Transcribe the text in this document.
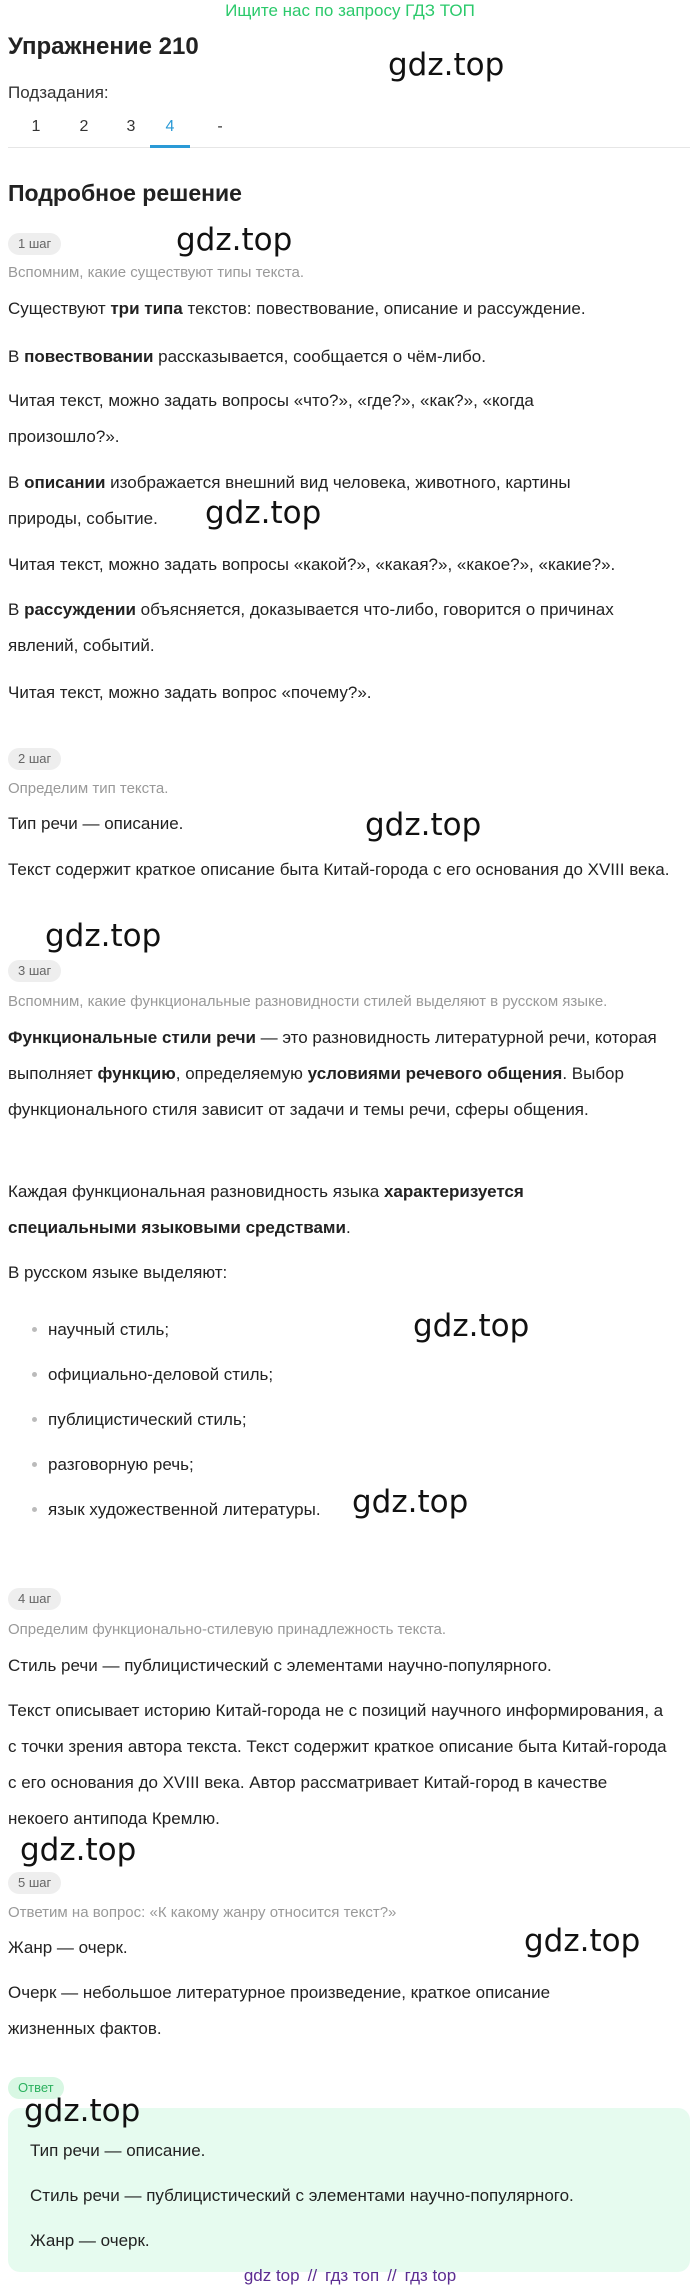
Ищите нас по запросу ГДЗ ТОП
Упражнение 210
Подзадания:
1	2	3	4	-
Подробное решение
1 шаг
Вспомним, какие существуют типы текста.
Существуют три типа текстов: повествование, описание и рассуждение.
В повествовании рассказывается, сообщается о чём-либо.
Читая текст, можно задать вопросы «что?», «где?», «как?», «когда произошло?».
В описании изображается внешний вид человека, животного, картины природы, событие.
Читая текст, можно задать вопросы «какой?», «какая?», «какое?», «какие?».
В рассуждении объясняется, доказывается что-либо, говорится о причинах явлений, событий.
Читая текст, можно задать вопрос «почему?».
2 шаг
Определим тип текста.
Тип речи — описание.
Текст содержит краткое описание быта Китай-города с его основания до XVIII века.
3 шаг
Вспомним, какие функциональные разновидности стилей выделяют в русском языке.
Функциональные стили речи — это разновидность литературной речи, которая выполняет функцию, определяемую условиями речевого общения. Выбор функционального стиля зависит от задачи и темы речи, сферы общения.
Каждая функциональная разновидность языка характеризуется специальными языковыми средствами.
В русском языке выделяют:
научный стиль;
официально-деловой стиль;
публицистический стиль;
разговорную речь;
язык художественной литературы.
4 шаг
Определим функционально-стилевую принадлежность текста.
Стиль речи — публицистический с элементами научно-популярного.
Текст описывает историю Китай-города не с позиций научного информирования, а с точки зрения автора текста. Текст содержит краткое описание быта Китай-города с его основания до XVIII века. Автор рассматривает Китай-город в качестве некоего антипода Кремлю.
5 шаг
Ответим на вопрос: «К какому жанру относится текст?»
Жанр — очерк.
Очерк — небольшое литературное произведение, краткое описание жизненных фактов.
Ответ
Тип речи — описание.
Стиль речи — публицистический с элементами научно-популярного.
Жанр — очерк.
gdz.top
gdz.top
gdz.top
gdz.top
gdz.top
gdz.top
gdz.top
gdz.top
gdz.top
gdz.top
gdz top // гдз топ // гдз top
